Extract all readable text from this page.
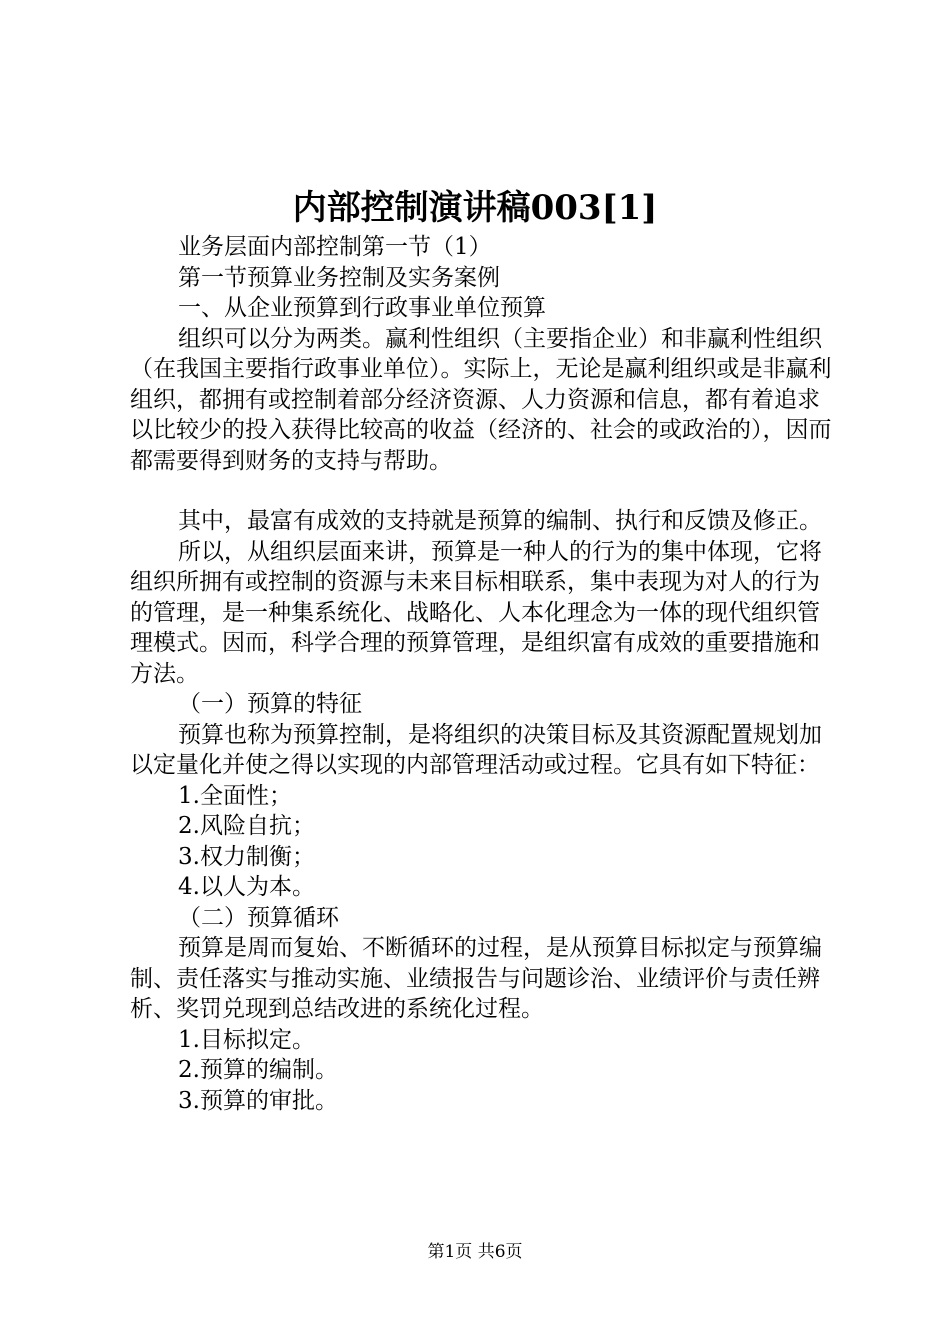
内部控制演讲稿003[1]

业务层面内部控制第一节（1）

第一节预算业务控制及实务案例

一、从企业预算到行政事业单位预算

组织可以分为两类。赢利性组织（主要指企业）和非赢利性组织（在我国主要指行政事业单位）。实际上，无论是赢利组织或是非赢利组织，都拥有或控制着部分经济资源、人力资源和信息，都有着追求以比较少的投入获得比较高的收益（经济的、社会的或政治的），因而都需要得到财务的支持与帮助。

其中，最富有成效的支持就是预算的编制、执行和反馈及修正。

所以，从组织层面来讲，预算是一种人的行为的集中体现，它将组织所拥有或控制的资源与未来目标相联系，集中表现为对人的行为的管理，是一种集系统化、战略化、人本化理念为一体的现代组织管理模式。因而，科学合理的预算管理，是组织富有成效的重要措施和方法。

（一）预算的特征

预算也称为预算控制，是将组织的决策目标及其资源配置规划加以定量化并使之得以实现的内部管理活动或过程。它具有如下特征：

1.全面性；

2.风险自抗；

3.权力制衡；

4.以人为本。

（二）预算循环

预算是周而复始、不断循环的过程，是从预算目标拟定与预算编制、责任落实与推动实施、业绩报告与问题诊治、业绩评价与责任辨析、奖罚兑现到总结改进的系统化过程。

1.目标拟定。

2.预算的编制。

3.预算的审批。

第1页 共6页
